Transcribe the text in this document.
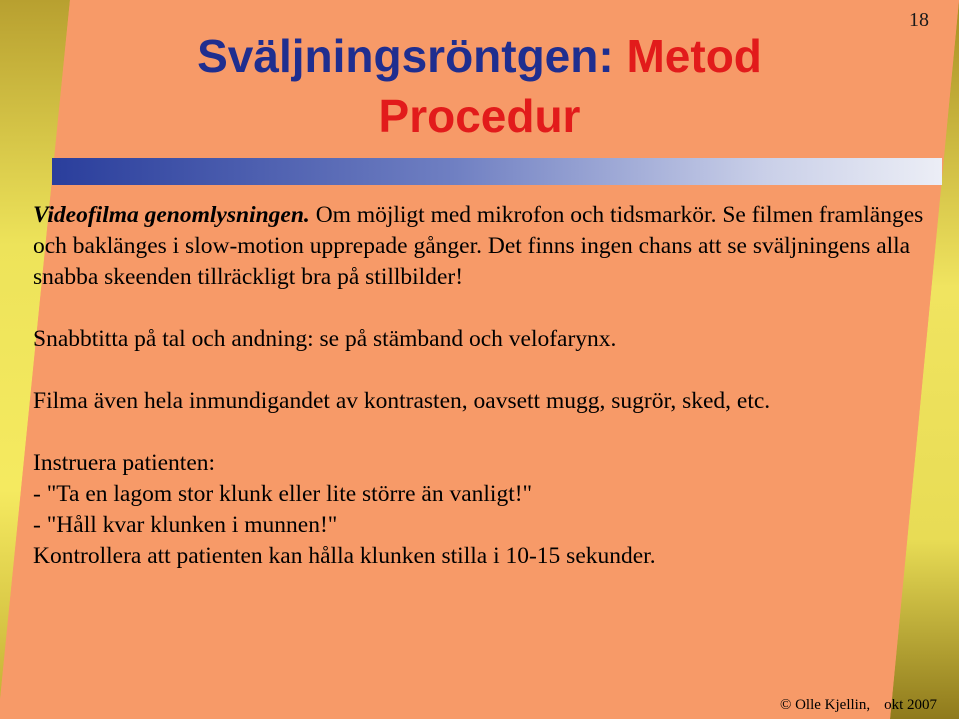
18
Sväljningsröntgen: Metod
Procedur

Videofilma genomlysningen. Om möjligt med mikrofon och tidsmarkör. Se filmen framlänges och baklänges i slow-motion upprepade gånger. Det finns ingen chans att se sväljningens alla snabba skeenden tillräckligt bra på stillbilder!

Snabbtitta på tal och andning: se på stämband och velofarynx.

Filma även hela inmundigandet av kontrasten, oavsett mugg, sugrör, sked, etc.

Instruera patienten:

- "Ta en lagom stor klunk eller lite större än vanligt!"

- "Håll kvar klunken i munnen!"

Kontrollera att patienten kan hålla klunken stilla i 10-15 sekunder.

© Olle Kjellin, okt 2007
